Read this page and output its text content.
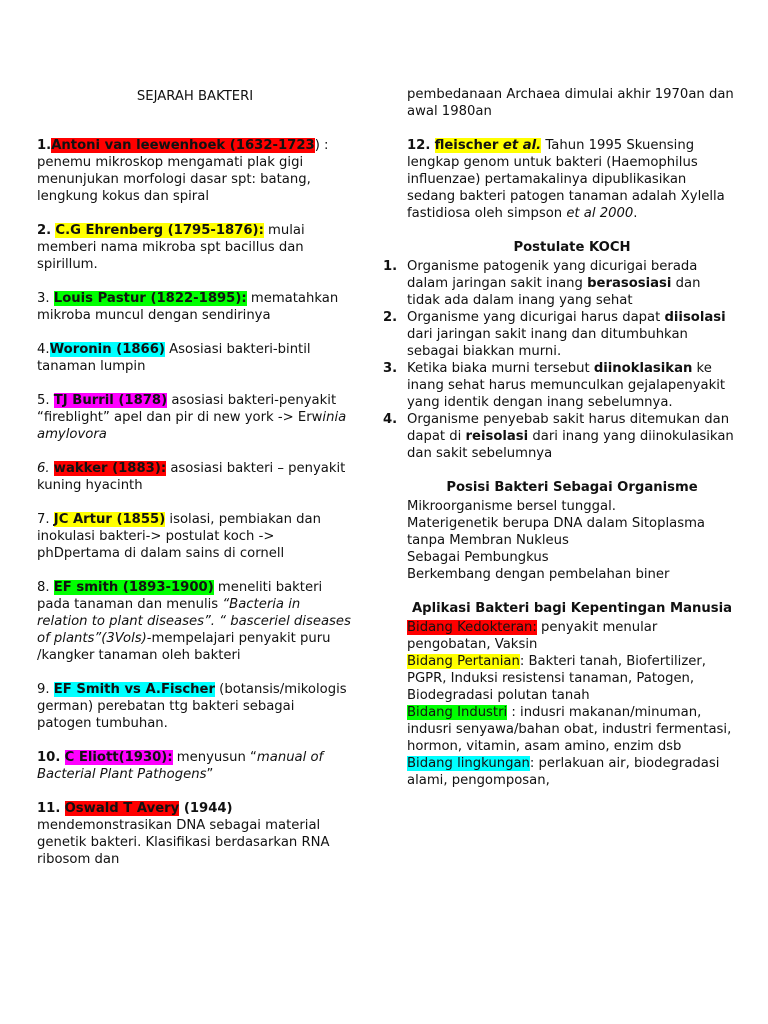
SEJARAH BAKTERI
1.Antoni van leewenhoek (1632-1723) : penemu mikroskop mengamati plak gigi menunjukan morfologi dasar spt: batang, lengkung kokus dan spiral
2. C.G Ehrenberg (1795-1876): mulai memberi nama mikroba spt bacillus dan spirillum.
3. Louis Pastur (1822-1895): mematahkan mikroba muncul dengan sendirinya
4.Woronin (1866) Asosiasi bakteri-bintil tanaman lumpin
5. TJ Burril (1878) asosiasi bakteri-penyakit “fireblight” apel dan pir di new york -> Erwinia amylovora
6. wakker (1883): asosiasi bakteri – penyakit kuning hyacinth
7. JC Artur (1855) isolasi, pembiakan dan inokulasi bakteri-> postulat koch -> phDpertama di dalam sains di cornell
8. EF smith (1893-1900) meneliti bakteri pada tanaman dan menulis “Bacteria in relation to plant diseases”. “ basceriel diseases of plants”(3Vols)-mempelajari penyakit puru /kangker tanaman oleh bakteri
9. EF Smith vs A.Fischer (botansis/mikologis german) perebatan ttg bakteri sebagai patogen tumbuhan.
10. C Eliott(1930): menyusun “manual of Bacterial Plant Pathogens”
11. Oswald T Avery (1944) mendemonstrasikan DNA sebagai material genetik bakteri. Klasifikasi berdasarkan RNA ribosom dan
pembedanaan Archaea dimulai akhir 1970an dan awal 1980an
12. fleischer et al. Tahun 1995 Skuensing lengkap genom untuk bakteri (Haemophilus influenzae) pertamakalinya dipublikasikan sedang bakteri patogen tanaman adalah Xylella fastidiosa oleh simpson et al 2000.
Postulate KOCH
1. Organisme patogenik yang dicurigai berada dalam jaringan sakit inang berasosiasi dan tidak ada dalam inang yang sehat
2. Organisme yang dicurigai harus dapat diisolasi dari jaringan sakit inang dan ditumbuhkan sebagai biakkan murni.
3. Ketika biaka murni tersebut diinoklasikan ke inang sehat harus memunculkan gejalapenyakit yang identik dengan inang sebelumnya.
4. Organisme penyebab sakit harus ditemukan dan dapat di reisolasi dari inang yang diinokulasikan dan sakit sebelumnya
Posisi Bakteri Sebagai Organisme
Mikroorganisme bersel tunggal.
Materigenetik berupa DNA dalam Sitoplasma tanpa Membran Nukleus
Sebagai Pembungkus
Berkembang dengan pembelahan biner
Aplikasi Bakteri bagi Kepentingan Manusia
Bidang Kedokteran: penyakit menular pengobatan, Vaksin
Bidang Pertanian: Bakteri tanah, Biofertilizer, PGPR, Induksi resistensi tanaman, Patogen, Biodegradasi polutan tanah
Bidang Industri : indusri makanan/minuman, indusri senyawa/bahan obat, industri fermentasi, hormon, vitamin, asam amino, enzim dsb
Bidang lingkungan: perlakuan air, biodegradasi alami, pengomposan,
